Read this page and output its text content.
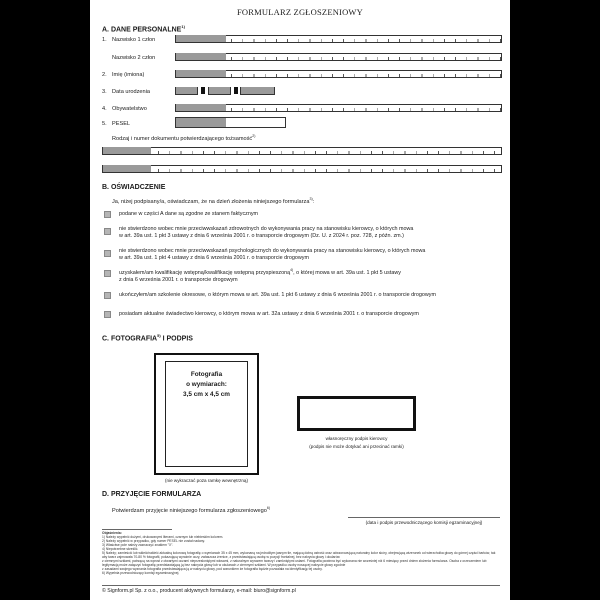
FORMULARZ ZGŁOSZENIOWY
A. DANE PERSONALNE$^{1)}$
1. Nazwisko 1 człon
Nazwisko 2 człon
2. Imię (imiona)
3. Data urodzenia
4. Obywatelstwo
5. PESEL
Rodzaj i numer dokumentu potwierdzającego tożsamość$^{2)}$
B. OŚWIADCZENIE
Ja, niżej podpisany/a, oświadczam, że na dzień złożenia niniejszego formularza$^{3)}$:
podane w części A dane są zgodne ze stanem faktycznym
nie stwierdzono wobec mnie przeciwwskazań zdrowotnych do wykonywania pracy na stanowisku kierowcy, o których mowa
w art. 39a ust. 1 pkt 3 ustawy z dnia 6 września 2001 r. o transporcie drogowym (Dz. U. z 2024 r. poz. 728, z późn. zm.)
nie stwierdzono wobec mnie przeciwwskazań psychologicznych do wykonywania pracy na stanowisku kierowcy, o których mowa
w art. 39a ust. 1 pkt 4 ustawy z dnia 6 września 2001 r. o transporcie drogowym
uzyskałem/am kwalifikację wstępną/kwalifikację wstępną przyspieszoną$^{4)}$, o której mowa w art. 39a ust. 1 pkt 5 ustawy
z dnia 6 września 2001 r. o transporcie drogowym
ukończyłem/am szkolenie okresowe, o którym mowa w art. 39a ust. 1 pkt 6 ustawy z dnia 6 września 2001 r. o transporcie drogowym
posiadam aktualne świadectwo kierowcy, o którym mowa w art. 32a ustawy z dnia 6 września 2001 r. o transporcie drogowym
C. FOTOGRAFIA$^{5)}$ I PODPIS
Fotografia
o wymiarach:
3,5 cm x 4,5 cm
(nie wykraczać poza ramkę wewnętrzną)
własnoręczny podpis kierowcy
(podpis nie może dotykać ani przecinać ramki)
D. PRZYJĘCIE FORMULARZA
Potwierdzam przyjęcie niniejszego formularza zgłoszeniowego$^{6)}$
(data i podpis przewodniczącego komisji egzaminacyjnej)
Objaśnienia:
1) Należy wypełnić dużymi, drukowanymi literami, czarnym lub niebieskim kolorem.
2) Należy wypełnić w przypadku, gdy numer PESEL nie został nadany.
3) Właściwe pole należy zaznaczyć znakiem "X".
4) Niepotrzebne skreślić.
5) Należy; zamieścić lub wkleić/nakleić aktualną kolorową fotografię o wymiarach 35 x 45 mm, wykonaną na jednolitym jasnym tle, mającą dobrą ostrość oraz odwzorowującą naturalny kolor skóry, obejmującą wizerunek od wierzchołka głowy do górnej części barków, tak aby twarz zajmowała 70-80 % fotografii, pokazującą wyraźnie oczy, zwłaszcza źrenice, z przedstawiającą osobę w pozycji frontalnej, bez nakrycia głowy i okularów
z ciemnymi szkłami, patrzącą na wprost z otwartymi oczami nieprzesłoniętymi włosami, z naturalnym wyrazem twarzy i zamkniętymi ustami. Fotografia powinna być wykonana nie wcześniej niż 6 miesięcy przed dniem złożenia formularza. Osoba z orzeczeniem lub legitymacją może załączyć fotografię przedstawiającą ją bez nakrycia głowy lub w okularach z ciemnymi szkłami. W przypadku osoby noszącej nakrycie głowy zgodnie
z zasadami swojego wyznania fotografia przedstawiająca ją w nakryciu głowy, pod warunkiem że fotografia będzie pozwalała na identyfikację tej osoby.
6) Wypełnia przewodniczący komisji egzaminacyjnej.
© Signform.pl Sp. z o.o., producent aktywnych formularzy, e-mail: biuro@signform.pl
